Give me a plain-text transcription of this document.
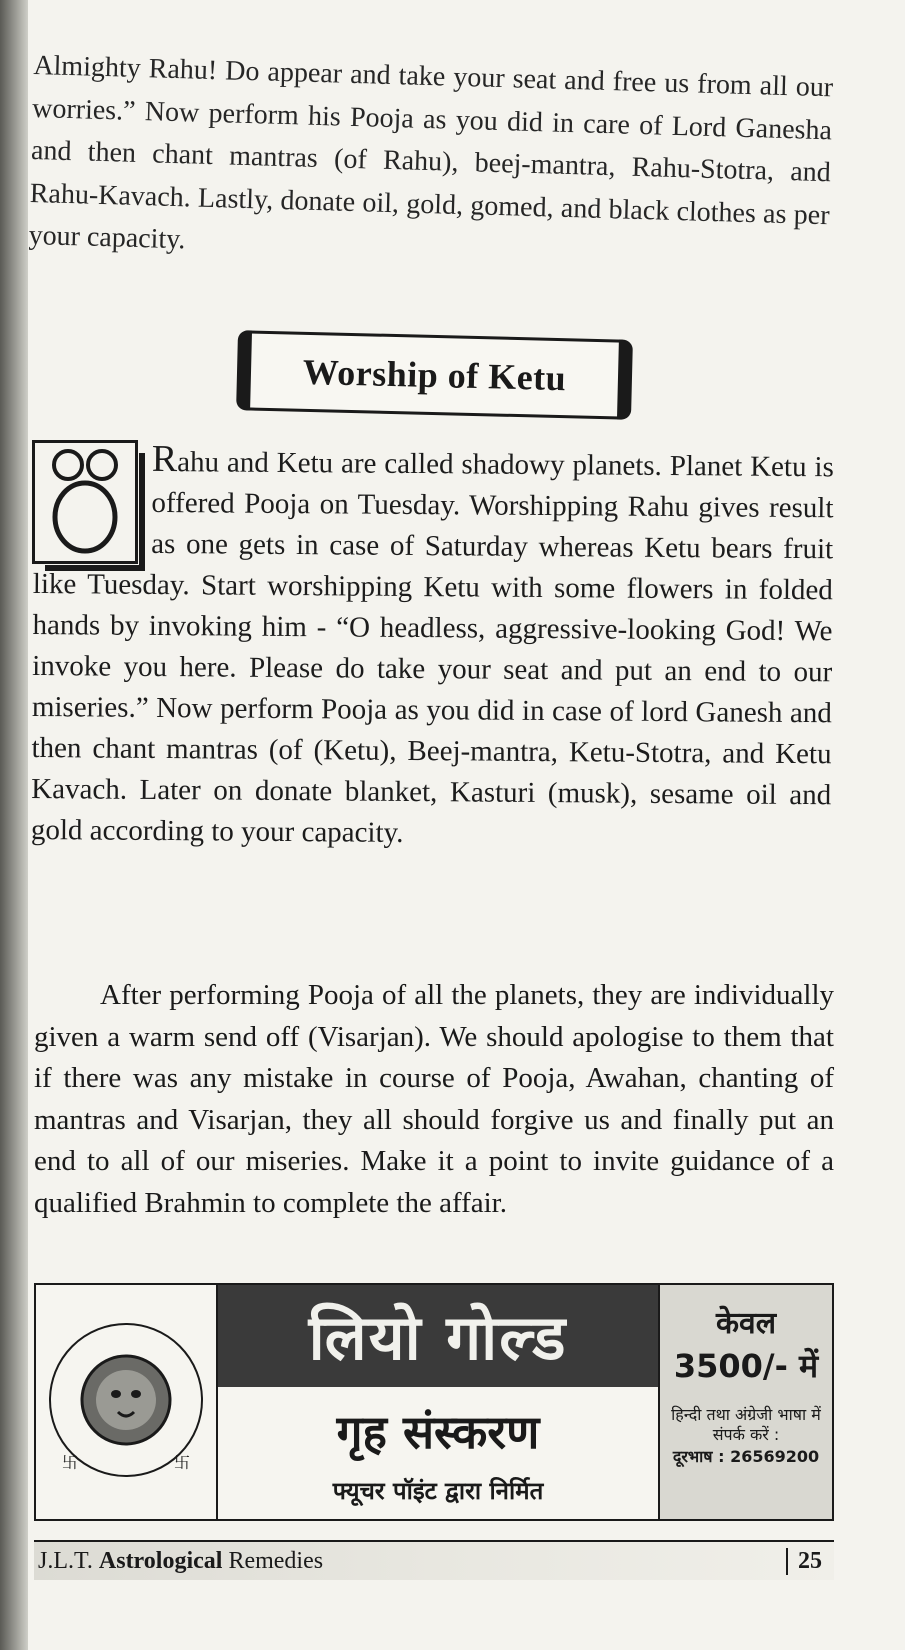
Almighty Rahu! Do appear and take your seat and free us from all our worries.” Now perform his Pooja as you did in care of Lord Ganesha and then chant mantras (of Rahu), beej-mantra, Rahu-Stotra, and Rahu-Kavach. Lastly, donate oil, gold, gomed, and black clothes as per your capacity.

Worship of Ketu

Rahu and Ketu are called shadowy planets. Planet Ketu is offered Pooja on Tuesday. Worshipping Rahu gives result as one gets in case of Saturday whereas Ketu bears fruit like Tuesday. Start worshipping Ketu with some flowers in folded hands by invoking him - “O headless, aggressive-looking God! We invoke you here. Please do take your seat and put an end to our miseries.” Now perform Pooja as you did in case of lord Ganesh and then chant mantras (of (Ketu), Beej-mantra, Ketu-Stotra, and Ketu Kavach. Later on donate blanket, Kasturi (musk), sesame oil and gold according to your capacity.

After performing Pooja of all the planets, they are individually given a warm send off (Visarjan). We should apologise to them that if there was any mistake in course of Pooja, Awahan, chanting of mantras and Visarjan, they all should forgive us and finally put an end to all of our miseries. Make it a point to invite guidance of a qualified Brahmin to complete the affair.

卐	卐
लियो गोल्ड
गृह संस्करण
फ्यूचर पॉइंट द्वारा निर्मित
केवल
3500/- में
हिन्दी तथा अंग्रेजी भाषा में
संपर्क करें :
दूरभाष : 26569200
J.L.T. Astrological Remedies	25
